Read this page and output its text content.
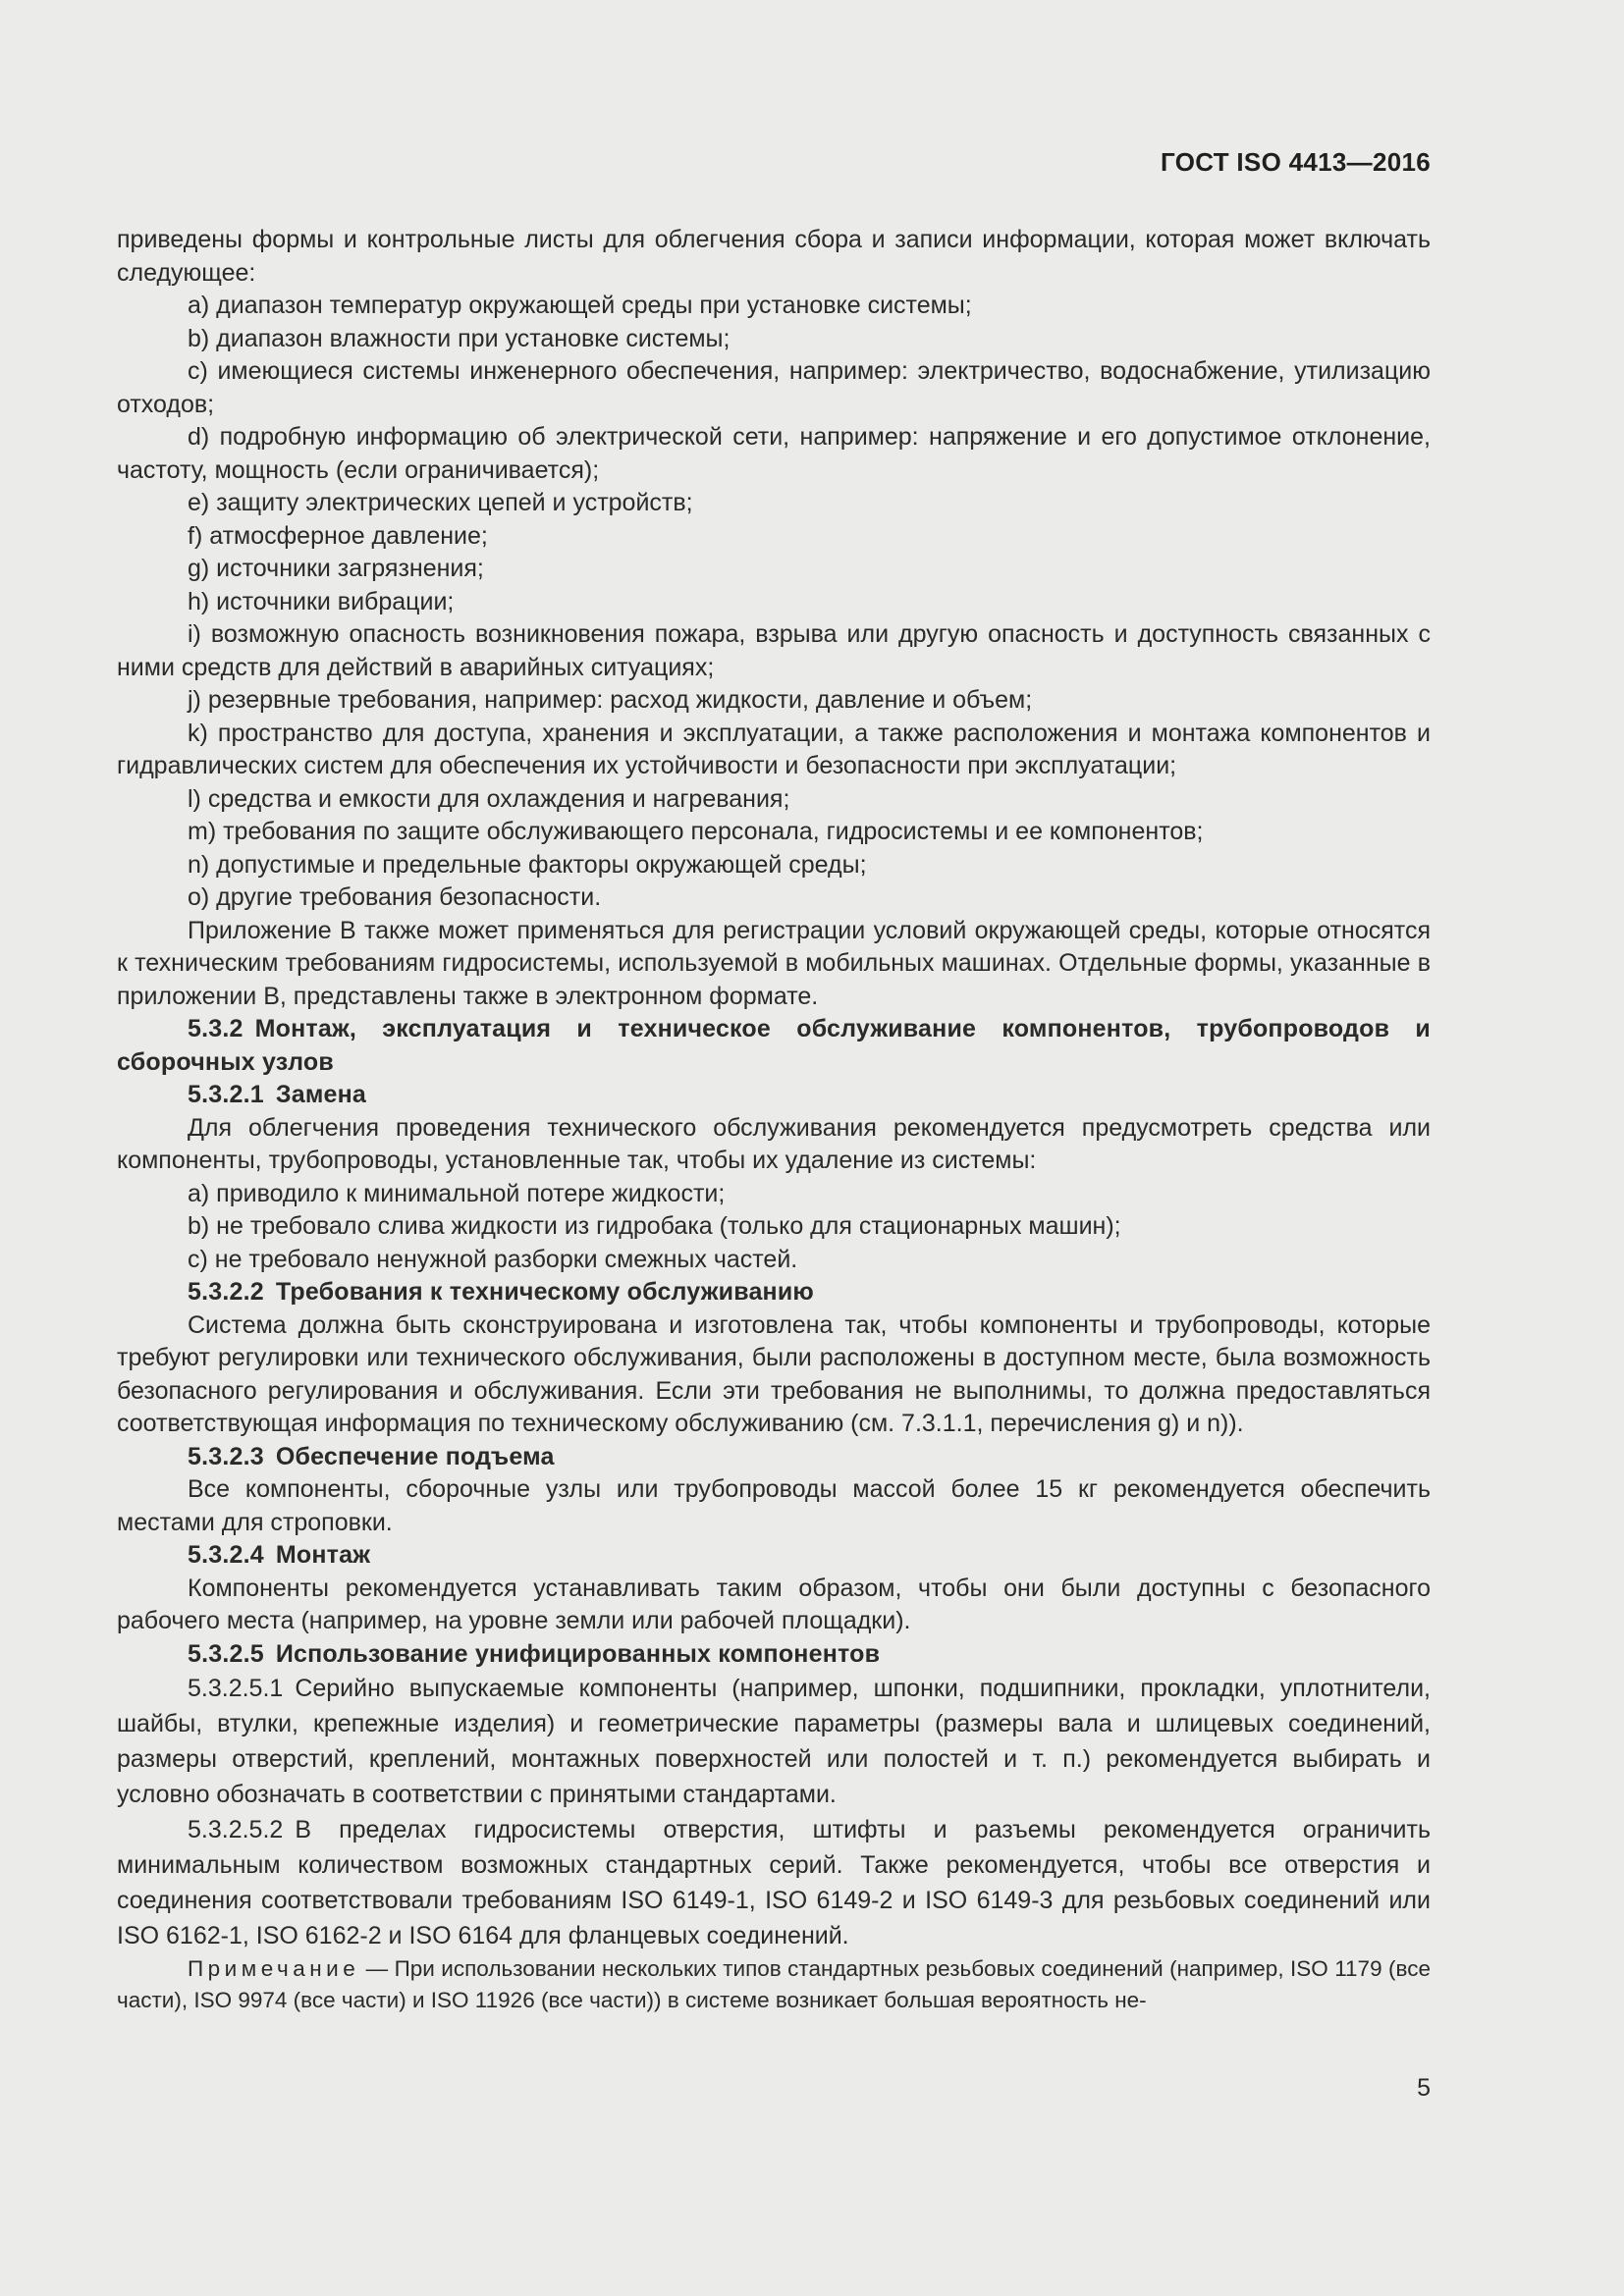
ГОСТ ISO 4413—2016

приведены формы и контрольные листы для облегчения сбора и записи информации, которая может включать следующее:

a) диапазон температур окружающей среды при установке системы;

b) диапазон влажности при установке системы;

c) имеющиеся системы инженерного обеспечения, например: электричество, водоснабжение, утилизацию отходов;

d) подробную информацию об электрической сети, например: напряжение и его допустимое отклонение, частоту, мощность (если ограничивается);

e) защиту электрических цепей и устройств;

f) атмосферное давление;

g) источники загрязнения;

h) источники вибрации;

i) возможную опасность возникновения пожара, взрыва или другую опасность и доступность связанных с ними средств для действий в аварийных ситуациях;

j) резервные требования, например: расход жидкости, давление и объем;

k) пространство для доступа, хранения и эксплуатации, а также расположения и монтажа компонентов и гидравлических систем для обеспечения их устойчивости и безопасности при эксплуатации;

l) средства и емкости для охлаждения и нагревания;

m) требования по защите обслуживающего персонала, гидросистемы и ее компонентов;

n) допустимые и предельные факторы окружающей среды;

o) другие требования безопасности.

Приложение B также может применяться для регистрации условий окружающей среды, которые относятся к техническим требованиям гидросистемы, используемой в мобильных машинах. Отдельные формы, указанные в приложении B, представлены также в электронном формате.

5.3.2 Монтаж, эксплуатация и техническое обслуживание компонентов, трубопроводов и сборочных узлов

5.3.2.1 Замена

Для облегчения проведения технического обслуживания рекомендуется предусмотреть средства или компоненты, трубопроводы, установленные так, чтобы их удаление из системы:

a) приводило к минимальной потере жидкости;

b) не требовало слива жидкости из гидробака (только для стационарных машин);

c) не требовало ненужной разборки смежных частей.

5.3.2.2 Требования к техническому обслуживанию

Система должна быть сконструирована и изготовлена так, чтобы компоненты и трубопроводы, которые требуют регулировки или технического обслуживания, были расположены в доступном месте, была возможность безопасного регулирования и обслуживания. Если эти требования не выполнимы, то должна предоставляться соответствующая информация по техническому обслуживанию (см. 7.3.1.1, перечисления g) и n)).

5.3.2.3 Обеспечение подъема

Все компоненты, сборочные узлы или трубопроводы массой более 15 кг рекомендуется обеспечить местами для строповки.

5.3.2.4 Монтаж

Компоненты рекомендуется устанавливать таким образом, чтобы они были доступны с безопасного рабочего места (например, на уровне земли или рабочей площадки).

5.3.2.5 Использование унифицированных компонентов

5.3.2.5.1 Серийно выпускаемые компоненты (например, шпонки, подшипники, прокладки, уплотнители, шайбы, втулки, крепежные изделия) и геометрические параметры (размеры вала и шлицевых соединений, размеры отверстий, креплений, монтажных поверхностей или полостей и т. п.) рекомендуется выбирать и условно обозначать в соответствии с принятыми стандартами.

5.3.2.5.2 В пределах гидросистемы отверстия, штифты и разъемы рекомендуется ограничить минимальным количеством возможных стандартных серий. Также рекомендуется, чтобы все отверстия и соединения соответствовали требованиям ISO 6149-1, ISO 6149-2 и ISO 6149-3 для резьбовых соединений или ISO 6162-1, ISO 6162-2 и ISO 6164 для фланцевых соединений.

Примечание — При использовании нескольких типов стандартных резьбовых соединений (например, ISO 1179 (все части), ISO 9974 (все части) и ISO 11926 (все части)) в системе возникает большая вероятность не-

5
